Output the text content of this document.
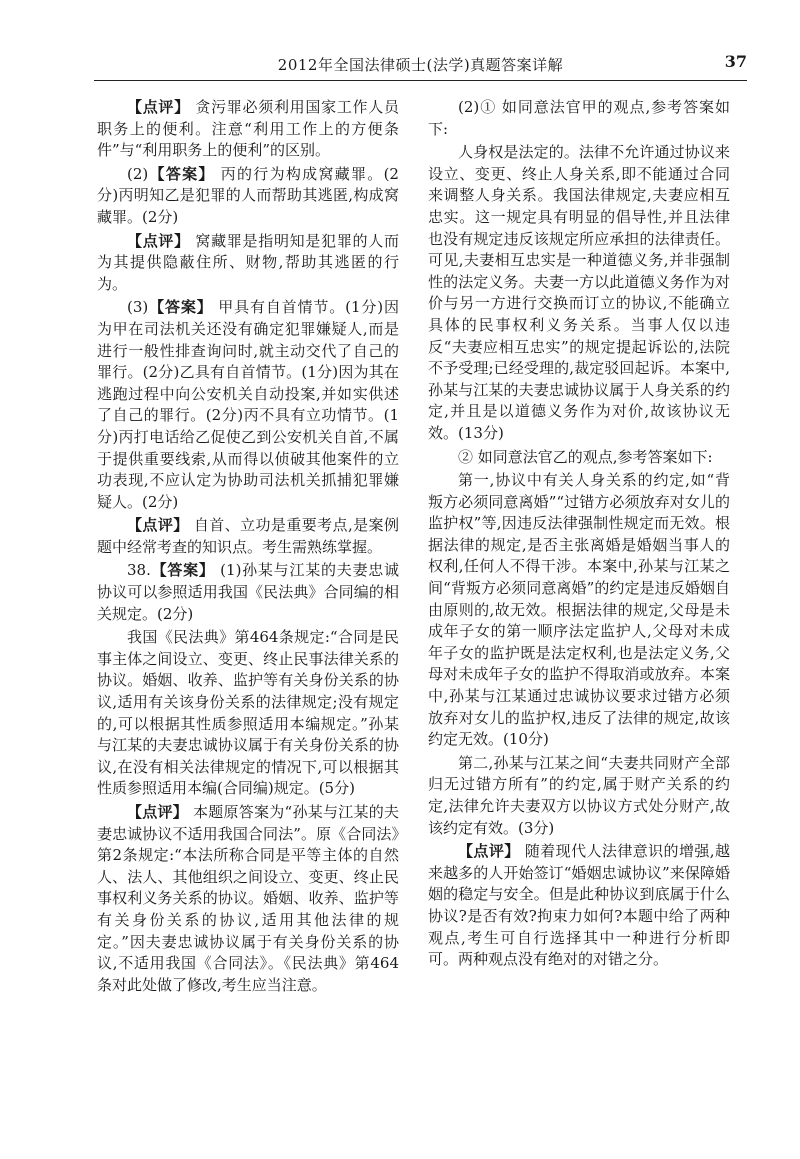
2012年全国法律硕士(法学)真题答案详解	37

【点评】 贪污罪必须利用国家工作人员职务上的便利。注意“利用工作上的方便条件”与“利用职务上的便利”的区别。

(2)【答案】 丙的行为构成窝藏罪。(2分)丙明知乙是犯罪的人而帮助其逃匿,构成窝藏罪。(2分)

【点评】 窝藏罪是指明知是犯罪的人而为其提供隐蔽住所、财物,帮助其逃匿的行为。

(3)【答案】 甲具有自首情节。(1分)因为甲在司法机关还没有确定犯罪嫌疑人,而是进行一般性排查询问时,就主动交代了自己的罪行。(2分)乙具有自首情节。(1分)因为其在逃跑过程中向公安机关自动投案,并如实供述了自己的罪行。(2分)丙不具有立功情节。(1分)丙打电话给乙促使乙到公安机关自首,不属于提供重要线索,从而得以侦破其他案件的立功表现,不应认定为协助司法机关抓捕犯罪嫌疑人。(2分)

【点评】 自首、立功是重要考点,是案例题中经常考查的知识点。考生需熟练掌握。

38.【答案】 (1)孙某与江某的夫妻忠诚协议可以参照适用我国《民法典》合同编的相关规定。(2分)

我国《民法典》第464条规定:“合同是民事主体之间设立、变更、终止民事法律关系的协议。婚姻、收养、监护等有关身份关系的协议,适用有关该身份关系的法律规定;没有规定的,可以根据其性质参照适用本编规定。”孙某与江某的夫妻忠诚协议属于有关身份关系的协议,在没有相关法律规定的情况下,可以根据其性质参照适用本编(合同编)规定。(5分)

【点评】 本题原答案为“孙某与江某的夫妻忠诚协议不适用我国合同法”。原《合同法》第2条规定:“本法所称合同是平等主体的自然人、法人、其他组织之间设立、变更、终止民事权利义务关系的协议。婚姻、收养、监护等有关身份关系的协议,适用其他法律的规定。”因夫妻忠诚协议属于有关身份关系的协议,不适用我国《合同法》。《民法典》第464条对此处做了修改,考生应当注意。

(2)① 如同意法官甲的观点,参考答案如下:

人身权是法定的。法律不允许通过协议来设立、变更、终止人身关系,即不能通过合同来调整人身关系。我国法律规定,夫妻应相互忠实。这一规定具有明显的倡导性,并且法律也没有规定违反该规定所应承担的法律责任。可见,夫妻相互忠实是一种道德义务,并非强制性的法定义务。夫妻一方以此道德义务作为对价与另一方进行交换而订立的协议,不能确立具体的民事权利义务关系。当事人仅以违反“夫妻应相互忠实”的规定提起诉讼的,法院不予受理;已经受理的,裁定驳回起诉。本案中,孙某与江某的夫妻忠诚协议属于人身关系的约定,并且是以道德义务作为对价,故该协议无效。(13分)

② 如同意法官乙的观点,参考答案如下:

第一,协议中有关人身关系的约定,如“背叛方必须同意离婚”“过错方必须放弃对女儿的监护权”等,因违反法律强制性规定而无效。根据法律的规定,是否主张离婚是婚姻当事人的权利,任何人不得干涉。本案中,孙某与江某之间“背叛方必须同意离婚”的约定是违反婚姻自由原则的,故无效。根据法律的规定,父母是未成年子女的第一顺序法定监护人,父母对未成年子女的监护既是法定权利,也是法定义务,父母对未成年子女的监护不得取消或放弃。本案中,孙某与江某通过忠诚协议要求过错方必须放弃对女儿的监护权,违反了法律的规定,故该约定无效。(10分)

第二,孙某与江某之间“夫妻共同财产全部归无过错方所有”的约定,属于财产关系的约定,法律允许夫妻双方以协议方式处分财产,故该约定有效。(3分)

【点评】 随着现代人法律意识的增强,越来越多的人开始签订“婚姻忠诚协议”来保障婚姻的稳定与安全。但是此种协议到底属于什么协议?是否有效?拘束力如何?本题中给了两种观点,考生可自行选择其中一种进行分析即可。两种观点没有绝对的对错之分。
